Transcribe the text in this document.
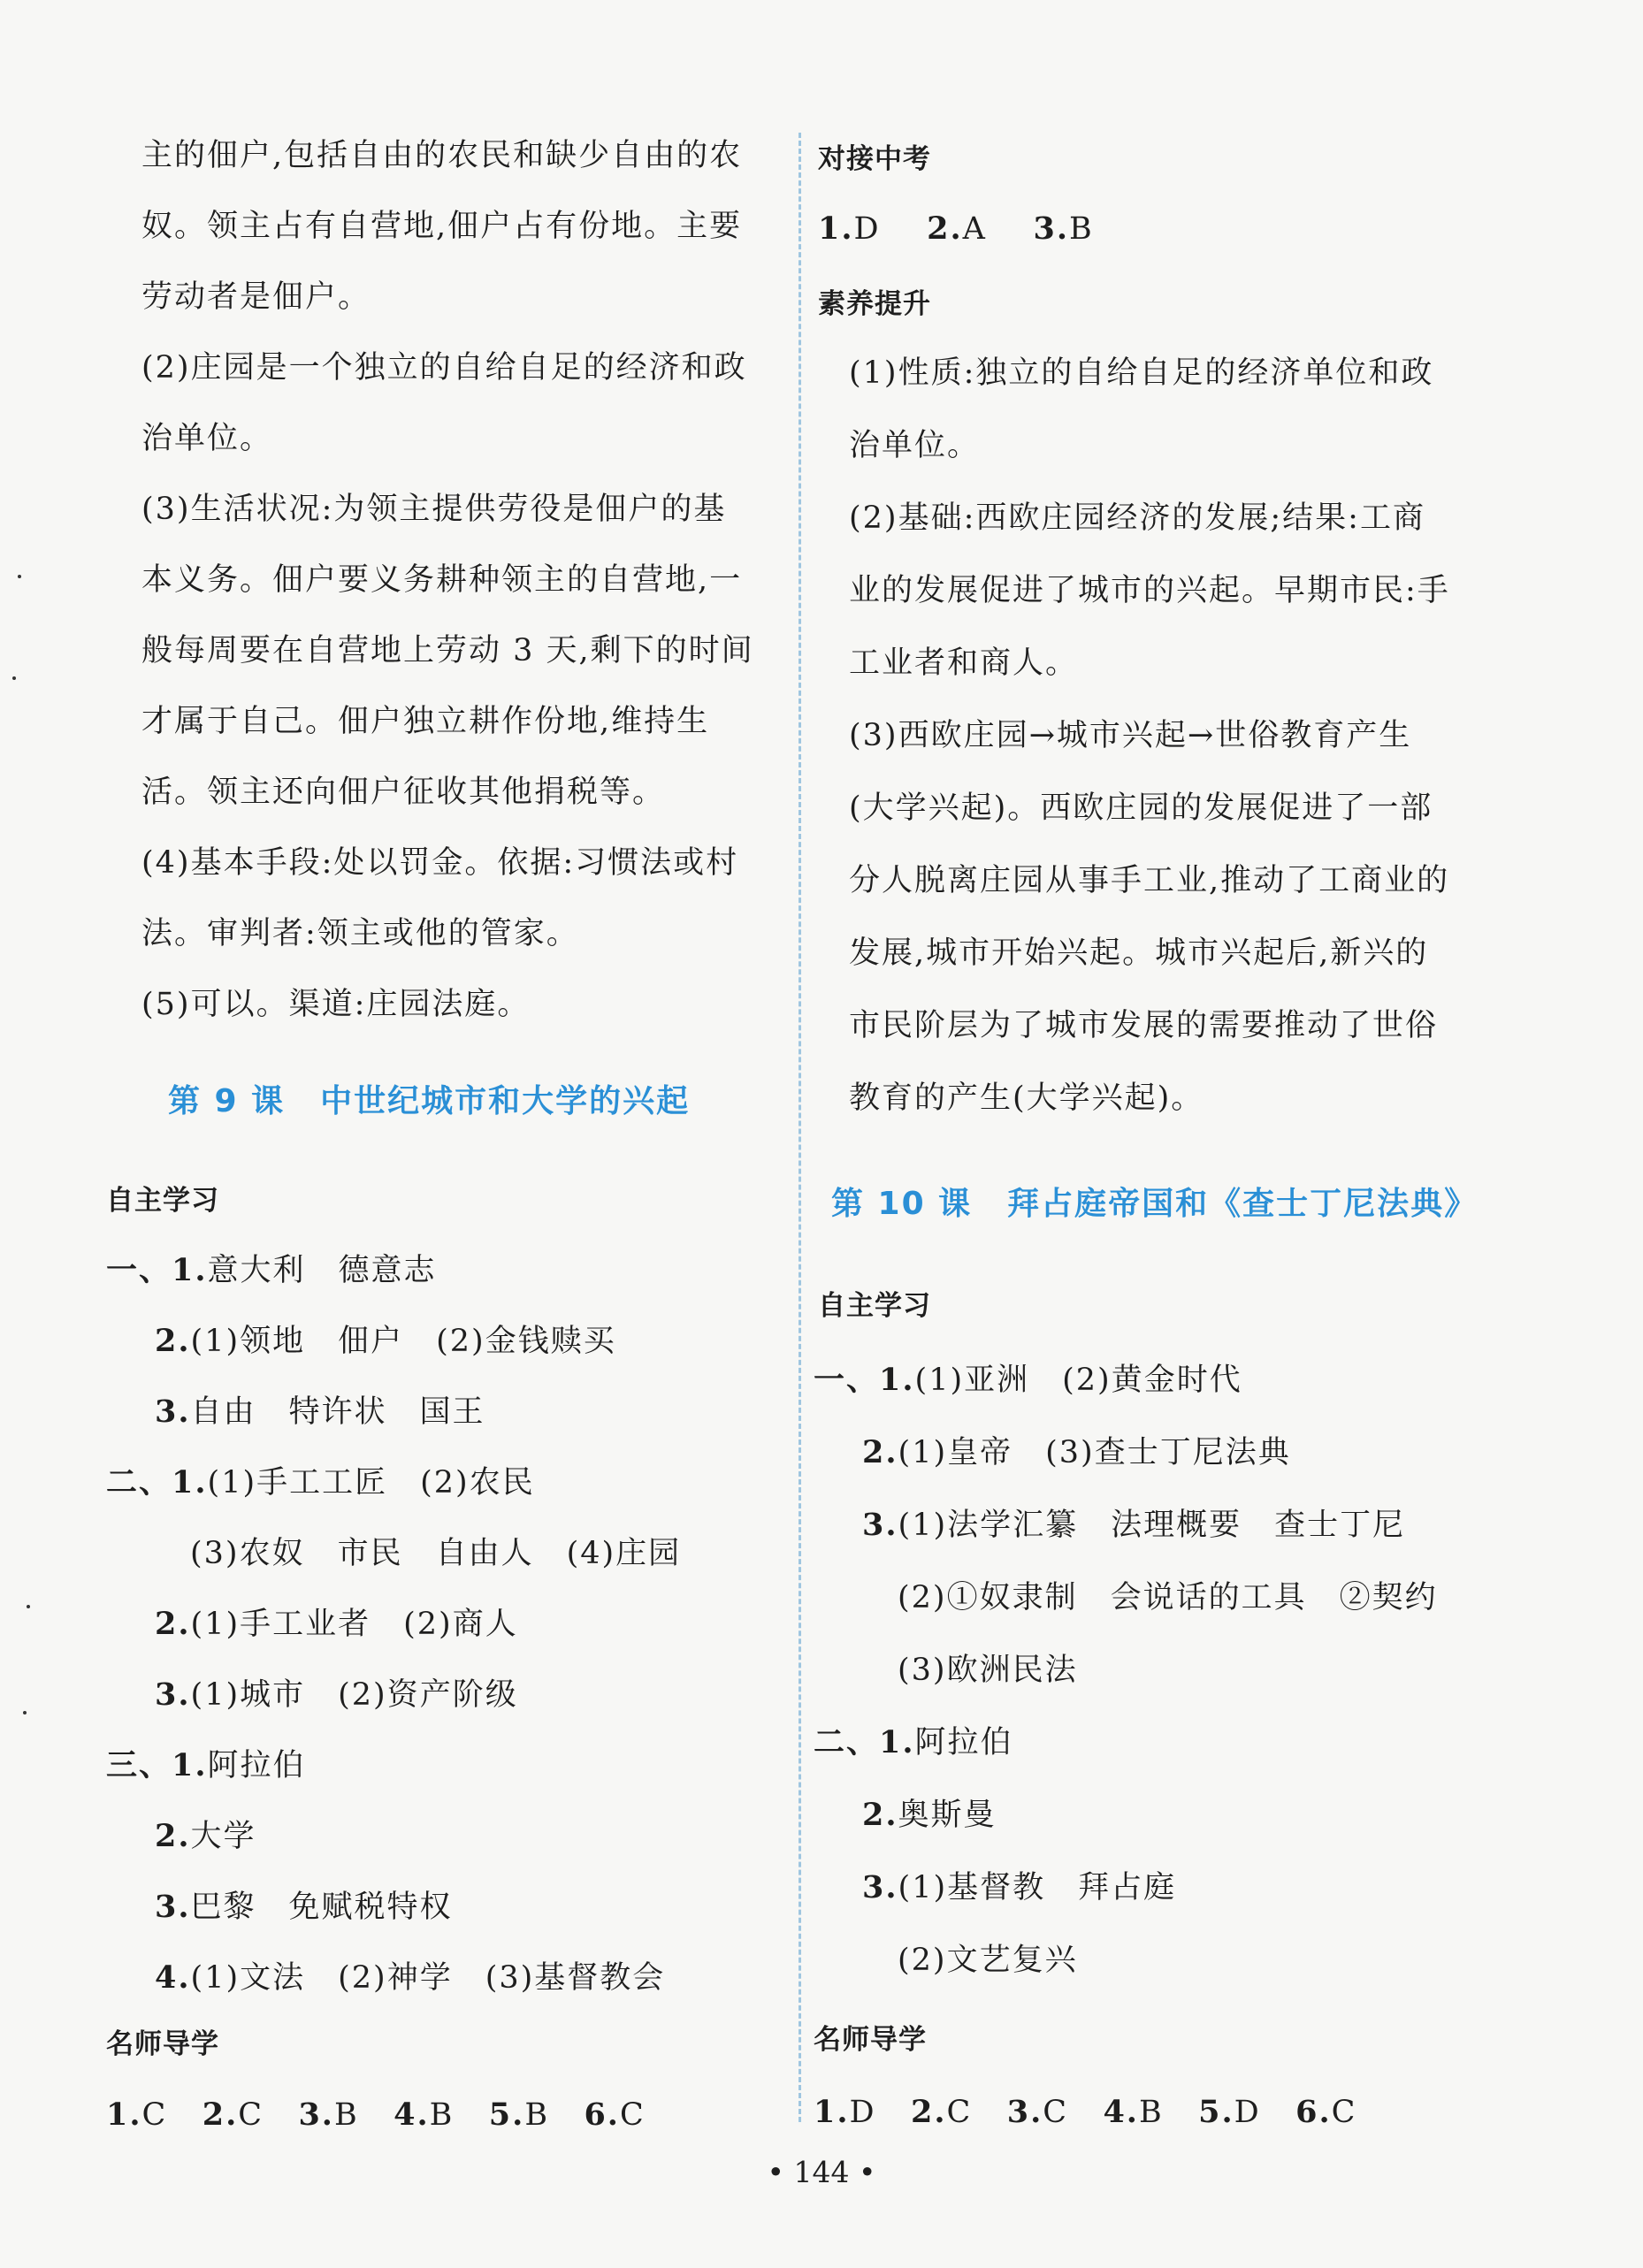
主的佃户,包括自由的农民和缺少自由的农
奴。领主占有自营地,佃户占有份地。主要
劳动者是佃户。
(2)庄园是一个独立的自给自足的经济和政
治单位。
(3)生活状况:为领主提供劳役是佃户的基
本义务。佃户要义务耕种领主的自营地,一
般每周要在自营地上劳动 3 天,剩下的时间
才属于自己。佃户独立耕作份地,维持生
活。领主还向佃户征收其他捐税等。
(4)基本手段:处以罚金。依据:习惯法或村
法。审判者:领主或他的管家。
(5)可以。渠道:庄园法庭。
第 9 课 中世纪城市和大学的兴起
自主学习
一、1.意大利　德意志
2.(1)领地　佃户　(2)金钱赎买
3.自由　特许状　国王
二、1.(1)手工工匠　(2)农民
(3)农奴　市民　自由人　(4)庄园
2.(1)手工业者　(2)商人
3.(1)城市　(2)资产阶级
三、1.阿拉伯
2.大学
3.巴黎　免赋税特权
4.(1)文法　(2)神学　(3)基督教会
名师导学
1.C 2.C 3.B 4.B 5.B 6.C
对接中考
1.D 2.A 3.B
素养提升
(1)性质:独立的自给自足的经济单位和政
治单位。
(2)基础:西欧庄园经济的发展;结果:工商
业的发展促进了城市的兴起。早期市民:手
工业者和商人。
(3)西欧庄园→城市兴起→世俗教育产生
(大学兴起)。西欧庄园的发展促进了一部
分人脱离庄园从事手工业,推动了工商业的
发展,城市开始兴起。城市兴起后,新兴的
市民阶层为了城市发展的需要推动了世俗
教育的产生(大学兴起)。
第 10 课 拜占庭帝国和《查士丁尼法典》
自主学习
一、1.(1)亚洲　(2)黄金时代
2.(1)皇帝　(3)查士丁尼法典
3.(1)法学汇纂　法理概要　查士丁尼
(2)①奴隶制　会说话的工具　②契约
(3)欧洲民法
二、1.阿拉伯
2.奥斯曼
3.(1)基督教　拜占庭
(2)文艺复兴
名师导学
1.D 2.C 3.C 4.B 5.D 6.C
• 144 •
